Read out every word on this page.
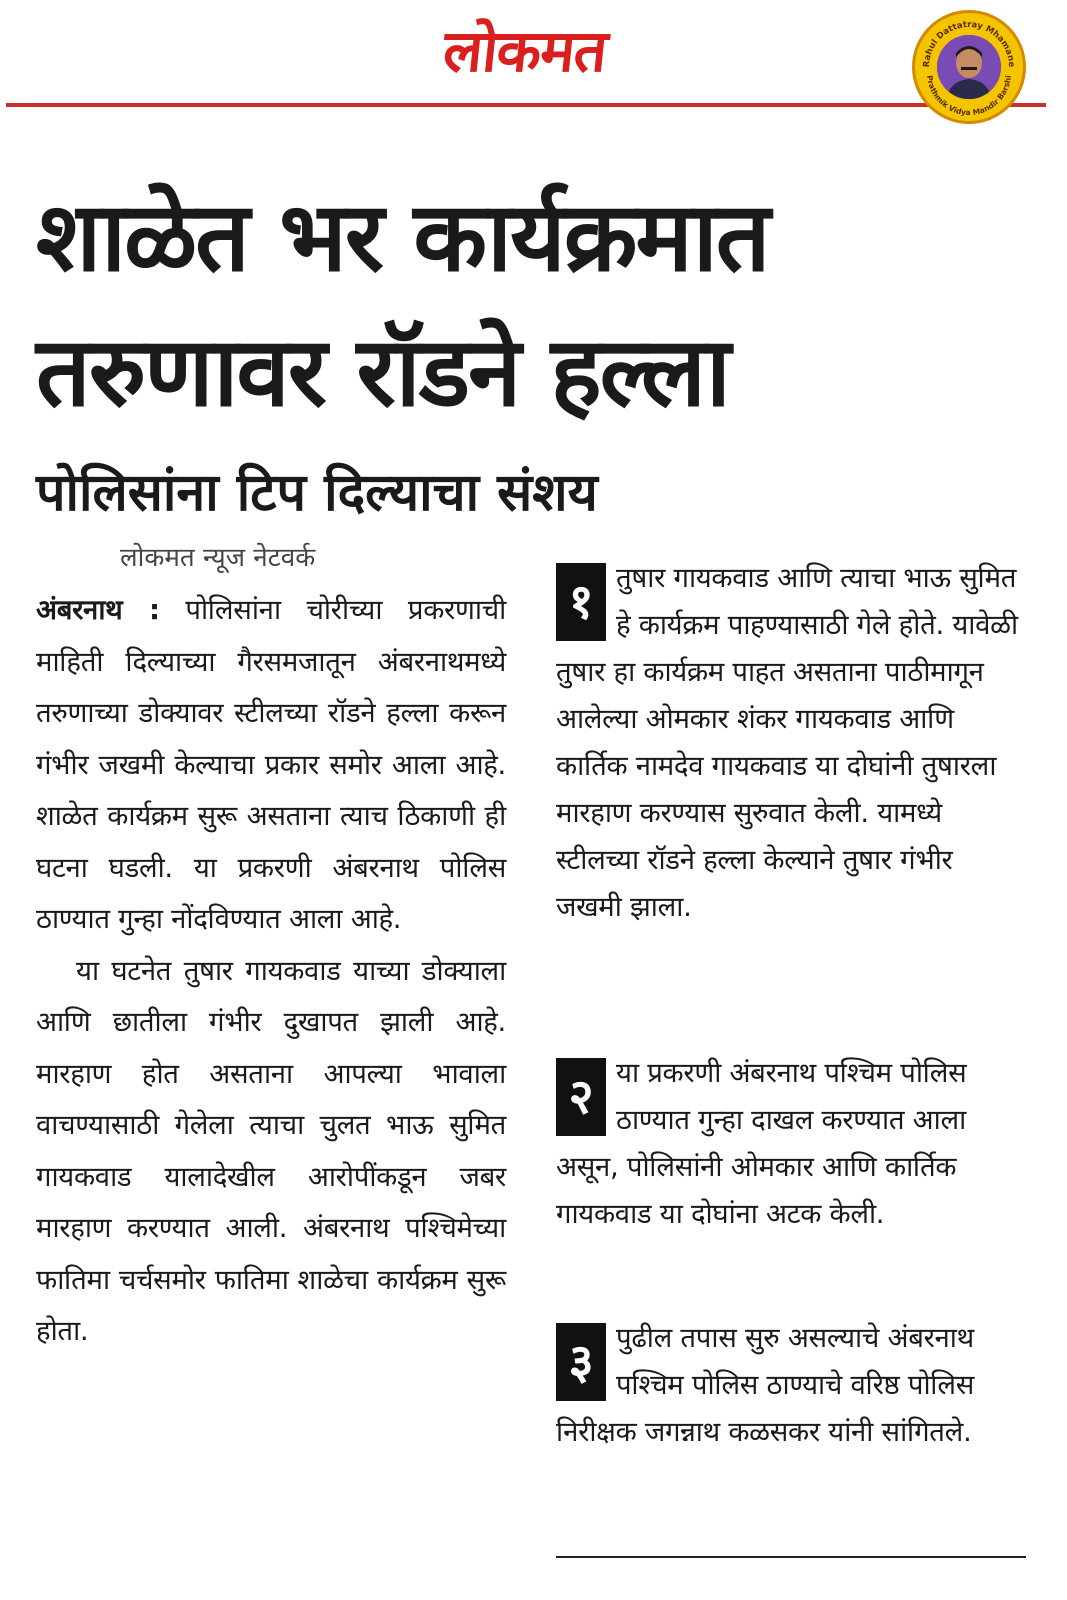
लोकमत	Rahul Dattatray Mhamane
Prathmik Vidya Mandir Barshi
शाळेत भर कार्यक्रमात
तरुणावर रॉडने हल्ला
पोलिसांना टिप दिल्याचा संशय
लोकमत न्यूज नेटवर्क

अंबरनाथ : पोलिसांना चोरीच्या प्रकरणाची माहिती दिल्याच्या गैरसमजातून अंबरनाथमध्ये तरुणाच्या डोक्यावर स्टीलच्या रॉडने हल्ला करून गंभीर जखमी केल्याचा प्रकार समोर आला आहे. शाळेत कार्यक्रम सुरू असताना त्याच ठिकाणी ही घटना घडली. या प्रकरणी अंबरनाथ पोलिस ठाण्यात गुन्हा नोंदविण्यात आला आहे.

या घटनेत तुषार गायकवाड याच्या डोक्याला आणि छातीला गंभीर दुखापत झाली आहे. मारहाण होत असताना आपल्या भावाला वाचण्यासाठी गेलेला त्याचा चुलत भाऊ सुमित गायकवाड यालादेखील आरोपींकडून जबर मारहाण करण्यात आली. अंबरनाथ पश्चिमेच्या फातिमा चर्चसमोर फातिमा शाळेचा कार्यक्रम सुरू होता.

१ तुषार गायकवाड आणि त्याचा भाऊ सुमित हे कार्यक्रम पाहण्यासाठी गेले होते. यावेळी तुषार हा कार्यक्रम पाहत असताना पाठीमागून आलेल्या ओमकार शंकर गायकवाड आणि कार्तिक नामदेव गायकवाड या दोघांनी तुषारला मारहाण करण्यास सुरुवात केली. यामध्ये स्टीलच्या रॉडने हल्ला केल्याने तुषार गंभीर जखमी झाला.
२ या प्रकरणी अंबरनाथ पश्चिम पोलिस ठाण्यात गुन्हा दाखल करण्यात आला असून, पोलिसांनी ओमकार आणि कार्तिक गायकवाड या दोघांना अटक केली.
३ पुढील तपास सुरु असल्याचे अंबरनाथ पश्चिम पोलिस ठाण्याचे वरिष्ठ पोलिस निरीक्षक जगन्नाथ कळसकर यांनी सांगितले.
